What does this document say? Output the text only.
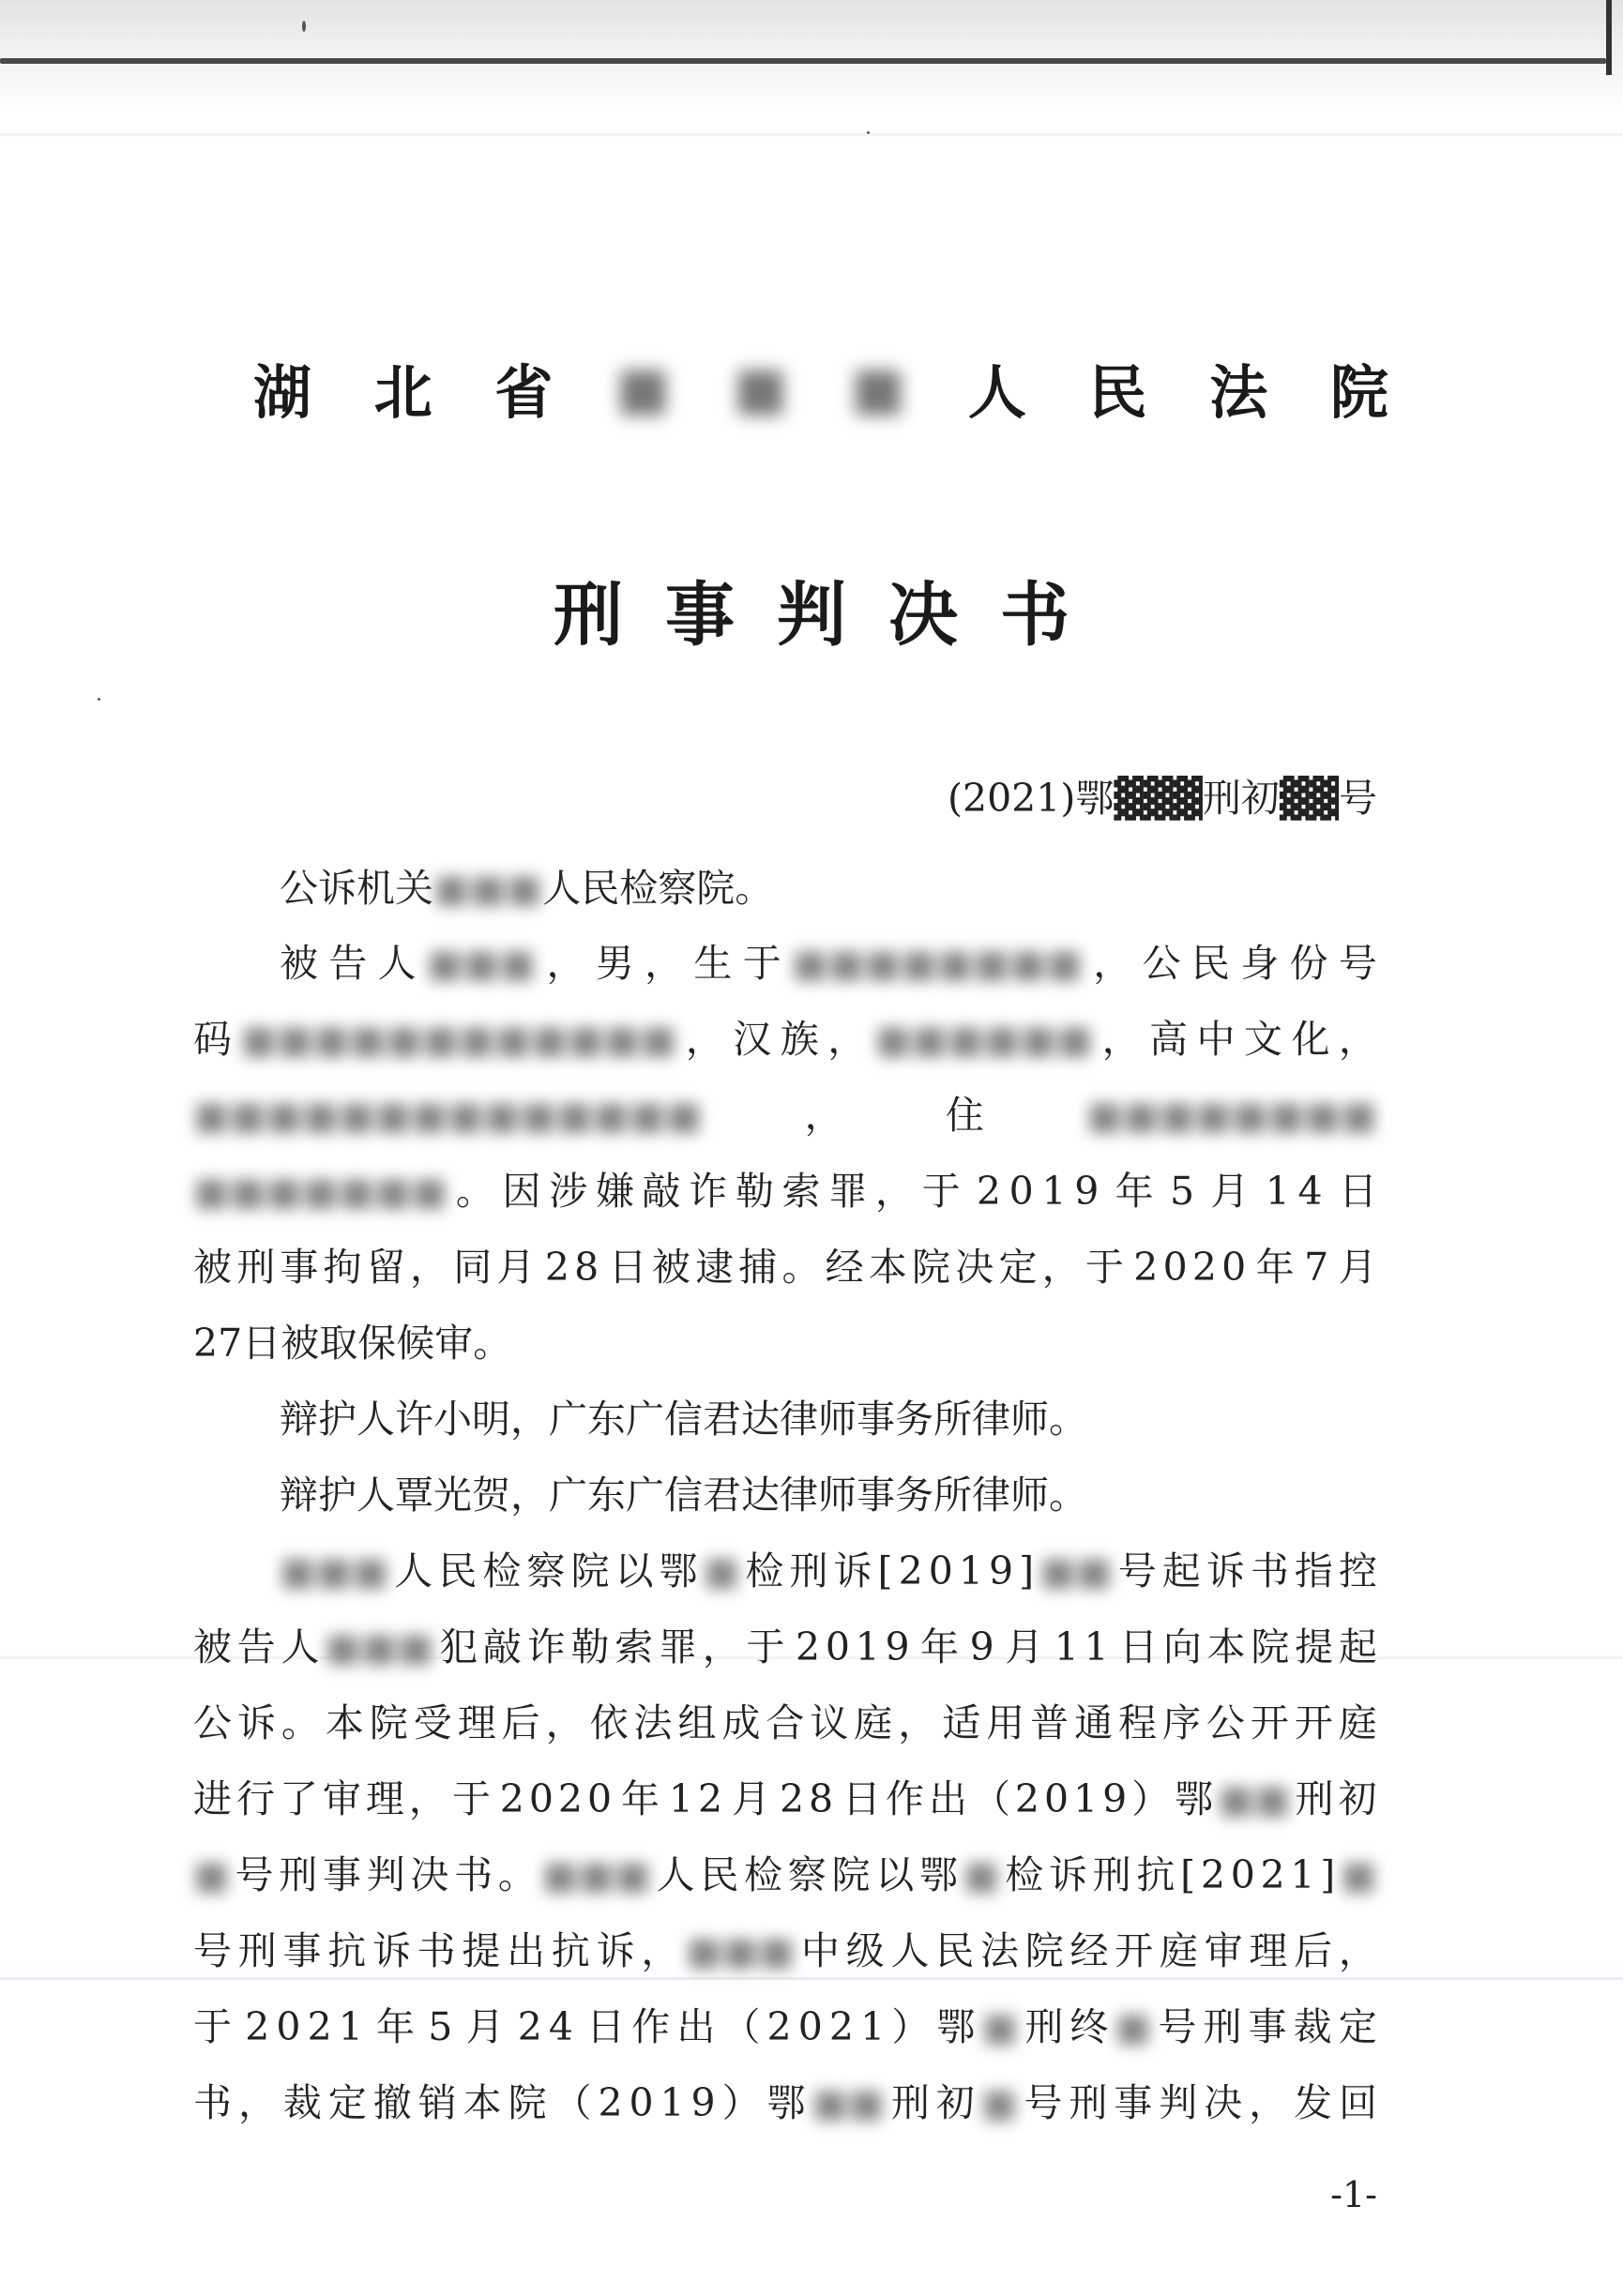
湖 北 省 ■ ■ ■ 人 民 法 院
刑 事 判 决 书
(2021)鄂▓▓▓刑初▓▓号
公 诉 机 关 ■■■ 人 民 检 察 院 。
被 告 人 ■■■ ， 男 ， 生 于 ■■■■■■■■ ， 公 民 身 份 号
码 ■■■■■■■■■■■■ ， 汉 族 ， ■■■■■■ ， 高 中 文 化 ，
■■■■■■■■■■■■■■	，	住	■■■■■■■■
■■■■■■■ 。 因 涉 嫌 敲 诈 勒 索 罪 ， 于 2 0 1 9 年 5 月 1 4 日
被 刑 事 拘 留 ， 同 月 2 8 日 被 逮 捕 。 经 本 院 决 定 ， 于 2 0 2 0 年 7 月
2 7 日 被 取 保 候 审 。
辩 护 人 许 小 明 ， 广 东 广 信 君 达 律 师 事 务 所 律 师 。
辩 护 人 覃 光 贺 ， 广 东 广 信 君 达 律 师 事 务 所 律 师 。
■■■ 人 民 检 察 院 以 鄂 ■ 检 刑 诉 [ 2 0 1 9 ] ■■ 号 起 诉 书 指 控
被 告 人 ■■■ 犯 敲 诈 勒 索 罪 ， 于 2 0 1 9 年 9 月 1 1 日 向 本 院 提 起
公 诉 。 本 院 受 理 后 ， 依 法 组 成 合 议 庭 ， 适 用 普 通 程 序 公 开 开 庭
进 行 了 审 理 ， 于 2 0 2 0 年 1 2 月 2 8 日 作 出 （ 2 0 1 9 ） 鄂 ■■ 刑 初
■ 号 刑 事 判 决 书 。 ■■■ 人 民 检 察 院 以 鄂 ■ 检 诉 刑 抗 [ 2 0 2 1 ] ■
号 刑 事 抗 诉 书 提 出 抗 诉 ， ■■■ 中 级 人 民 法 院 经 开 庭 审 理 后 ，
于 2 0 2 1 年 5 月 2 4 日 作 出 （ 2 0 2 1 ） 鄂 ■ 刑 终 ■ 号 刑 事 裁 定
书 ， 裁 定 撤 销 本 院 （ 2 0 1 9 ） 鄂 ■■ 刑 初 ■ 号 刑 事 判 决 ， 发 回
-1-
